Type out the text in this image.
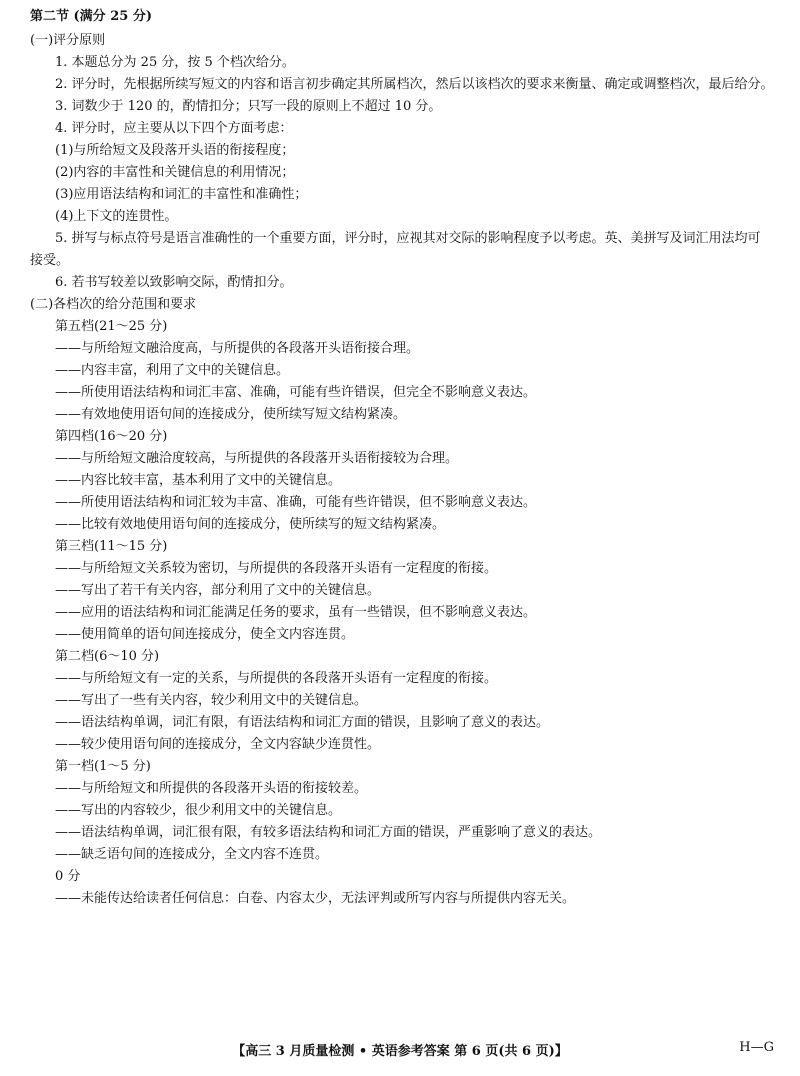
第二节 (满分 25 分)
(一)评分原则
1. 本题总分为 25 分，按 5 个档次给分。
2. 评分时，先根据所续写短文的内容和语言初步确定其所属档次，然后以该档次的要求来衡量、确定或调整档次，最后给分。
3. 词数少于 120 的，酌情扣分；只写一段的原则上不超过 10 分。
4. 评分时，应主要从以下四个方面考虑：
(1)与所给短文及段落开头语的衔接程度；
(2)内容的丰富性和关键信息的利用情况；
(3)应用语法结构和词汇的丰富性和准确性；
(4)上下文的连贯性。
5. 拼写与标点符号是语言准确性的一个重要方面，评分时，应视其对交际的影响程度予以考虑。英、美拼写及词汇用法均可
接受。
6. 若书写较差以致影响交际，酌情扣分。
(二)各档次的给分范围和要求
第五档(21～25 分)
——与所给短文融洽度高，与所提供的各段落开头语衔接合理。
——内容丰富，利用了文中的关键信息。
——所使用语法结构和词汇丰富、准确，可能有些许错误，但完全不影响意义表达。
——有效地使用语句间的连接成分，使所续写短文结构紧凑。
第四档(16～20 分)
——与所给短文融洽度较高，与所提供的各段落开头语衔接较为合理。
——内容比较丰富，基本利用了文中的关键信息。
——所使用语法结构和词汇较为丰富、准确，可能有些许错误，但不影响意义表达。
——比较有效地使用语句间的连接成分，使所续写的短文结构紧凑。
第三档(11～15 分)
——与所给短文关系较为密切，与所提供的各段落开头语有一定程度的衔接。
——写出了若干有关内容，部分利用了文中的关键信息。
——应用的语法结构和词汇能满足任务的要求，虽有一些错误，但不影响意义表达。
——使用简单的语句间连接成分，使全文内容连贯。
第二档(6～10 分)
——与所给短文有一定的关系，与所提供的各段落开头语有一定程度的衔接。
——写出了一些有关内容，较少利用文中的关键信息。
——语法结构单调，词汇有限，有语法结构和词汇方面的错误，且影响了意义的表达。
——较少使用语句间的连接成分，全文内容缺少连贯性。
第一档(1～5 分)
——与所给短文和所提供的各段落开头语的衔接较差。
——写出的内容较少，很少利用文中的关键信息。
——语法结构单调，词汇很有限，有较多语法结构和词汇方面的错误，严重影响了意义的表达。
——缺乏语句间的连接成分，全文内容不连贯。
0 分
——未能传达给读者任何信息：白卷、内容太少，无法评判或所写内容与所提供内容无关。
【高三 3 月质量检测 • 英语参考答案 第 6 页(共 6 页)】	H—G
